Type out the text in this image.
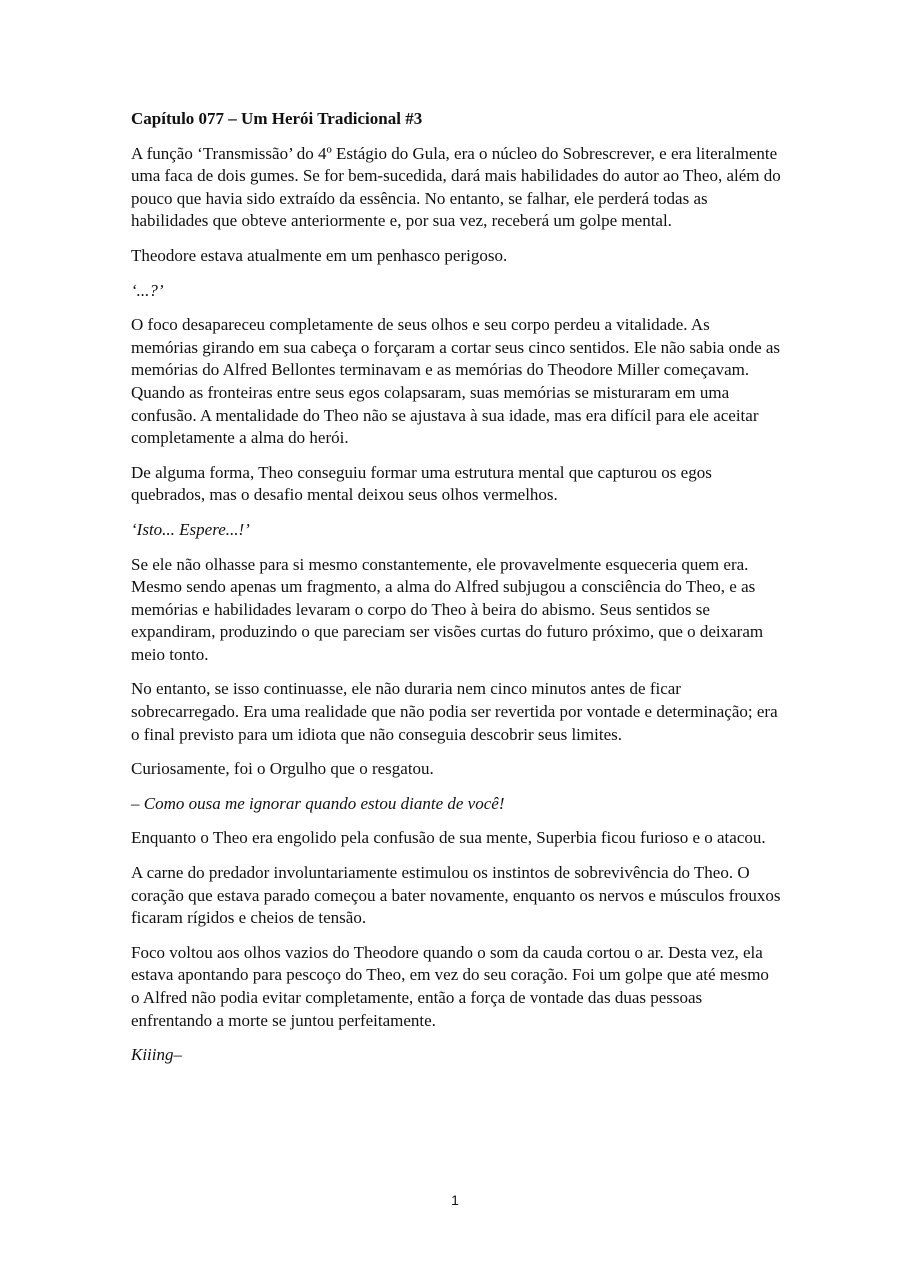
Capítulo 077 – Um Herói Tradicional #3

A função ‘Transmissão’ do 4º Estágio do Gula, era o núcleo do Sobrescrever, e era literalmente uma faca de dois gumes. Se for bem-sucedida, dará mais habilidades do autor ao Theo, além do pouco que havia sido extraído da essência. No entanto, se falhar, ele perderá todas as habilidades que obteve anteriormente e, por sua vez, receberá um golpe mental.

Theodore estava atualmente em um penhasco perigoso.

‘...?’

O foco desapareceu completamente de seus olhos e seu corpo perdeu a vitalidade. As memórias girando em sua cabeça o forçaram a cortar seus cinco sentidos. Ele não sabia onde as memórias do Alfred Bellontes terminavam e as memórias do Theodore Miller começavam. Quando as fronteiras entre seus egos colapsaram, suas memórias se misturaram em uma confusão. A mentalidade do Theo não se ajustava à sua idade, mas era difícil para ele aceitar completamente a alma do herói.

De alguma forma, Theo conseguiu formar uma estrutura mental que capturou os egos quebrados, mas o desafio mental deixou seus olhos vermelhos.

‘Isto... Espere...!’

Se ele não olhasse para si mesmo constantemente, ele provavelmente esqueceria quem era. Mesmo sendo apenas um fragmento, a alma do Alfred subjugou a consciência do Theo, e as memórias e habilidades levaram o corpo do Theo à beira do abismo. Seus sentidos se expandiram, produzindo o que pareciam ser visões curtas do futuro próximo, que o deixaram meio tonto.

No entanto, se isso continuasse, ele não duraria nem cinco minutos antes de ficar sobrecarregado. Era uma realidade que não podia ser revertida por vontade e determinação; era o final previsto para um idiota que não conseguia descobrir seus limites.

Curiosamente, foi o Orgulho que o resgatou.

– Como ousa me ignorar quando estou diante de você!

Enquanto o Theo era engolido pela confusão de sua mente, Superbia ficou furioso e o atacou.

A carne do predador involuntariamente estimulou os instintos de sobrevivência do Theo. O coração que estava parado começou a bater novamente, enquanto os nervos e músculos frouxos ficaram rígidos e cheios de tensão.

Foco voltou aos olhos vazios do Theodore quando o som da cauda cortou o ar. Desta vez, ela estava apontando para pescoço do Theo, em vez do seu coração. Foi um golpe que até mesmo o Alfred não podia evitar completamente, então a força de vontade das duas pessoas enfrentando a morte se juntou perfeitamente.

Kiiing–

1
